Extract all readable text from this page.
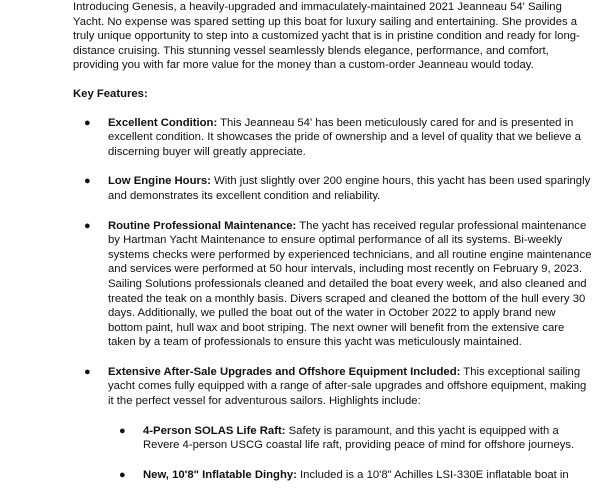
Introducing Genesis, a heavily-upgraded and immaculately-maintained 2021 Jeanneau 54' Sailing Yacht. No expense was spared setting up this boat for luxury sailing and entertaining. She provides a truly unique opportunity to step into a customized yacht that is in pristine condition and ready for long-distance cruising. This stunning vessel seamlessly blends elegance, performance, and comfort, providing you with far more value for the money than a custom-order Jeanneau would today.

Key Features:

● Excellent Condition: This Jeanneau 54' has been meticulously cared for and is presented in excellent condition. It showcases the pride of ownership and a level of quality that we believe a discerning buyer will greatly appreciate.
● Low Engine Hours: With just slightly over 200 engine hours, this yacht has been used sparingly and demonstrates its excellent condition and reliability.
● Routine Professional Maintenance: The yacht has received regular professional maintenance by Hartman Yacht Maintenance to ensure optimal performance of all its systems. Bi-weekly systems checks were performed by experienced technicians, and all routine engine maintenance and services were performed at 50 hour intervals, including most recently on February 9, 2023. Sailing Solutions professionals cleaned and detailed the boat every week, and also cleaned and treated the teak on a monthly basis. Divers scraped and cleaned the bottom of the hull every 30 days. Additionally, we pulled the boat out of the water in October 2022 to apply brand new bottom paint, hull wax and boot striping. The next owner will benefit from the extensive care taken by a team of professionals to ensure this yacht was meticulously maintained.
● Extensive After-Sale Upgrades and Offshore Equipment Included: This exceptional sailing yacht comes fully equipped with a range of after-sale upgrades and offshore equipment, making it the perfect vessel for adventurous sailors. Highlights include:
● 4-Person SOLAS Life Raft: Safety is paramount, and this yacht is equipped with a Revere 4-person USCG coastal life raft, providing peace of mind for offshore journeys.
● New, 10'8" Inflatable Dinghy: Included is a 10'8" Achilles LSI-330E inflatable boat in
